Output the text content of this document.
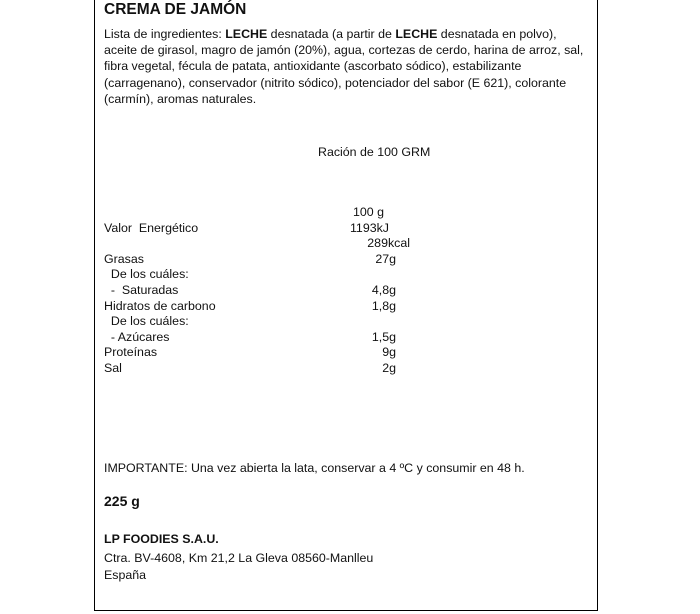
CREMA DE JAMÓN
Lista de ingredientes: LECHE desnatada (a partir de LECHE desnatada en polvo), aceite de girasol, magro de jamón (20%), agua, cortezas de cerdo, harina de arroz, sal, fibra vegetal, fécula de patata, antioxidante (ascorbato sódico), estabilizante (carragenano), conservador (nitrito sódico), potenciador del sabor (E 621), colorante (carmín), aromas naturales.
Ración de 100 GRM
100 g
Valor  Energético	1193kJ
289kcal
Grasas	27g
De los cuáles:
-  Saturadas	4,8g
Hidratos de carbono	1,8g
De los cuáles:
- Azúcares	1,5g
Proteínas	9g
Sal	2g
IMPORTANTE: Una vez abierta la lata, conservar a 4 ºC y consumir en 48 h.
225 g
LP FOODIES S.A.U.
Ctra. BV-4608, Km 21,2 La Gleva 08560-Manlleu
España
